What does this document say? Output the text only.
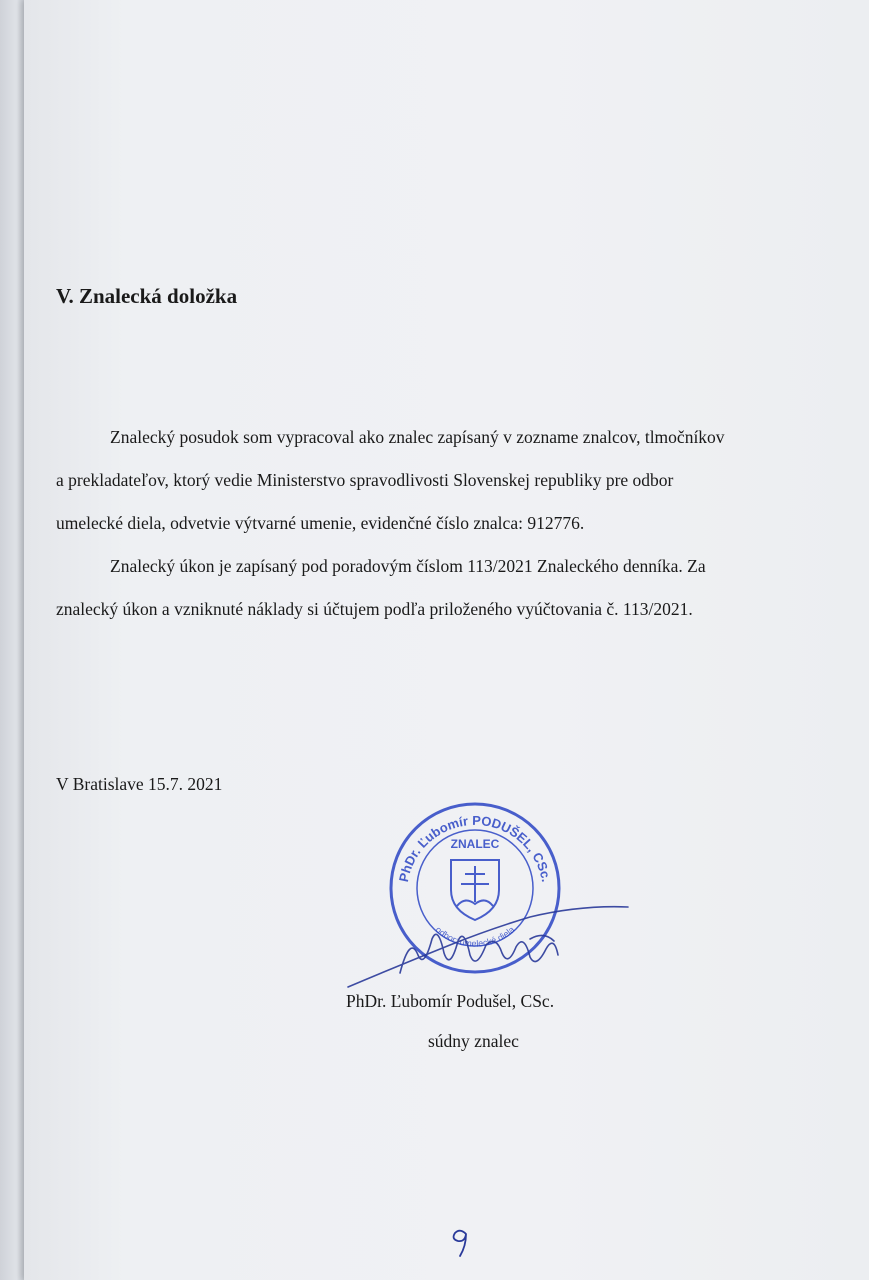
V. Znalecká doložka

Znalecký posudok som vypracoval ako znalec zapísaný v zozname znalcov, tlmočníkov

a prekladateľov, ktorý vedie Ministerstvo spravodlivosti Slovenskej republiky pre odbor

umelecké diela, odvetvie výtvarné umenie, evidenčné číslo znalca: 912776.

Znalecký úkon je zapísaný pod poradovým číslom 113/2021 Znaleckého denníka. Za

znalecký úkon a vzniknuté náklady si účtujem podľa priloženého vyúčtovania č. 113/2021.

V Bratislave 15.7. 2021

PhDr. Ľubomír PODUŠEL, CSc.
ZNALEC
odbor: umelecké diela

PhDr. Ľubomír Podušel, CSc.

súdny znalec
